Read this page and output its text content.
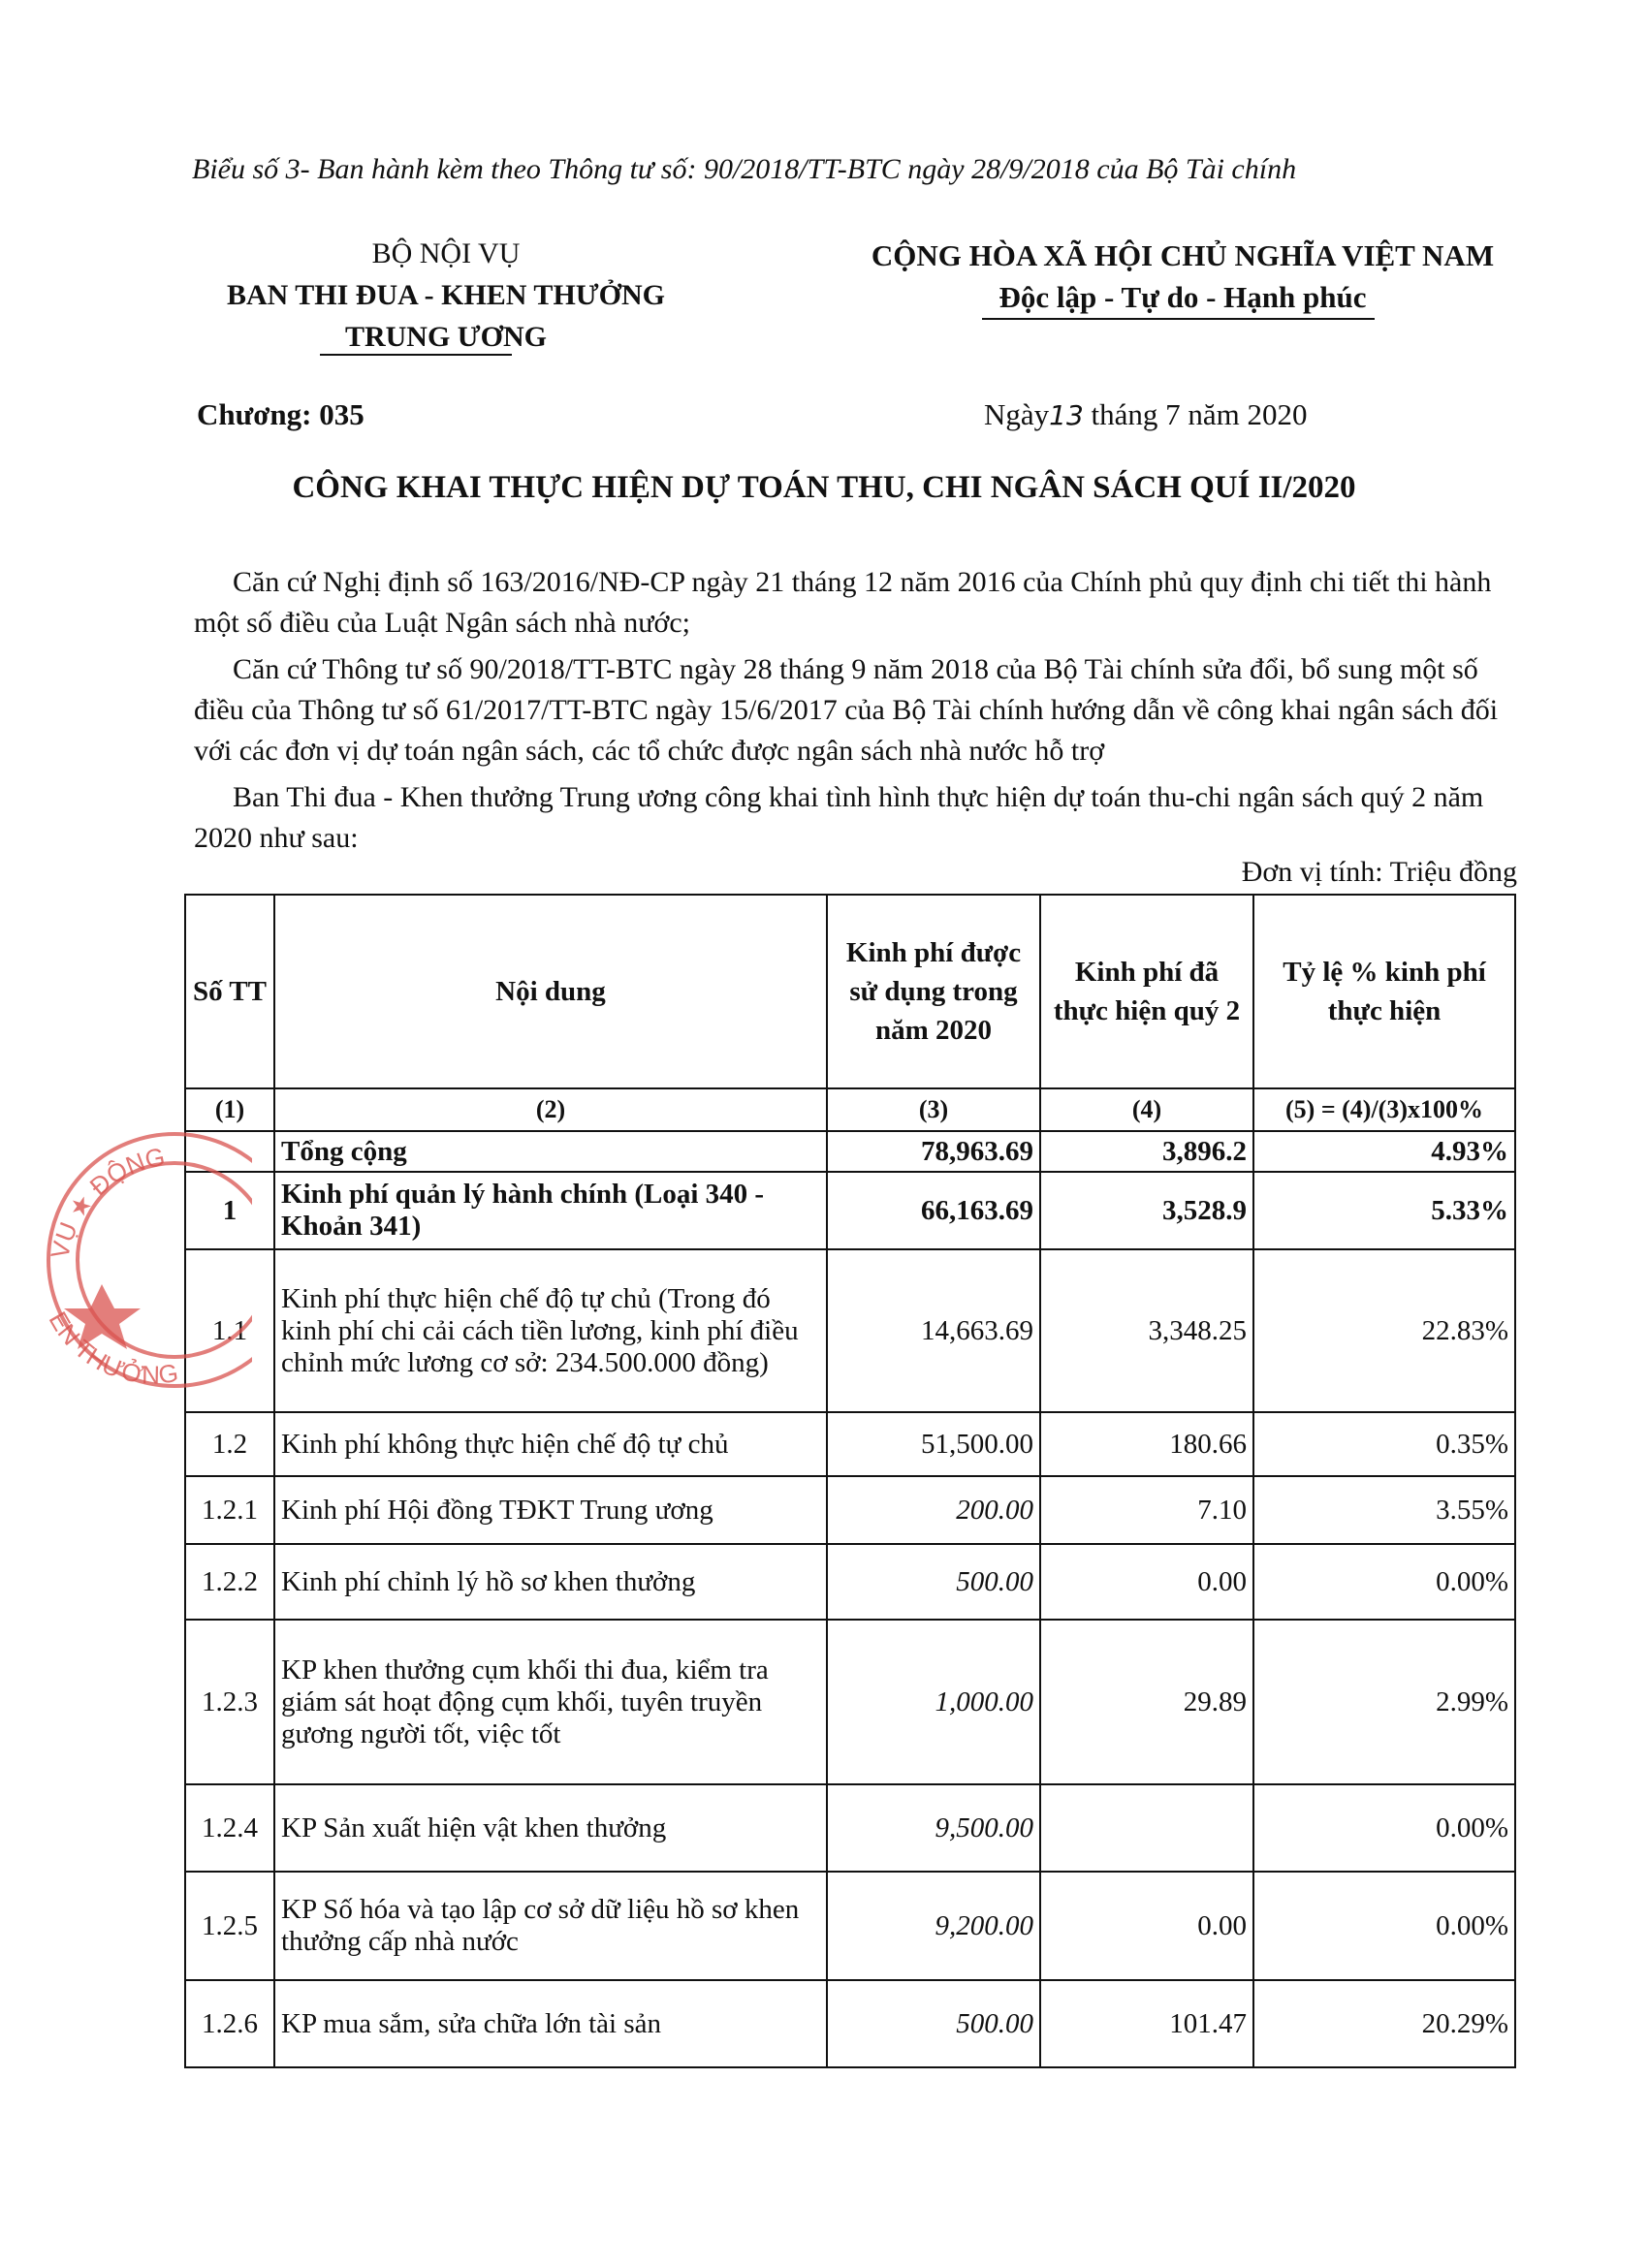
Biểu số 3- Ban hành kèm theo Thông tư số: 90/2018/TT-BTC ngày 28/9/2018 của Bộ Tài chính
BỘ NỘI VỤ
BAN THI ĐUA - KHEN THƯỞNG
TRUNG ƯƠNG
CỘNG HÒA XÃ HỘI CHỦ NGHĨA VIỆT NAM
Độc lập - Tự do - Hạnh phúc
Chương: 035	Ngày13 tháng 7 năm 2020
CÔNG KHAI THỰC HIỆN DỰ TOÁN THU, CHI NGÂN SÁCH QUÍ II/2020

Căn cứ Nghị định số 163/2016/NĐ-CP ngày 21 tháng 12 năm 2016 của Chính phủ quy định chi tiết thi hành một số điều của Luật Ngân sách nhà nước;

Căn cứ Thông tư số 90/2018/TT-BTC ngày 28 tháng 9 năm 2018 của Bộ Tài chính sửa đổi, bổ sung một số điều của Thông tư số 61/2017/TT-BTC ngày 15/6/2017 của Bộ Tài chính hướng dẫn về công khai ngân sách đối với các đơn vị dự toán ngân sách, các tổ chức được ngân sách nhà nước hỗ trợ

Ban Thi đua - Khen thưởng Trung ương công khai tình hình thực hiện dự toán thu-chi ngân sách quý 2 năm 2020 như sau:

Đơn vị tính: Triệu đồng
Số TT	Nội dung	Kinh phí được sử dụng trong năm 2020	Kinh phí đã thực hiện quý 2	Tỷ lệ % kinh phí thực hiện
(1)	(2)	(3)	(4)	(5) = (4)/(3)x100%
	Tổng cộng	78,963.69	3,896.2	4.93%
1	Kinh phí quản lý hành chính (Loại 340 - Khoản 341)	66,163.69	3,528.9	5.33%
1.1	Kinh phí thực hiện chế độ tự chủ (Trong đó kinh phí chi cải cách tiền lương, kinh phí điều chỉnh mức lương cơ sở: 234.500.000 đồng)	14,663.69	3,348.25	22.83%
1.2	Kinh phí không thực hiện chế độ tự chủ	51,500.00	180.66	0.35%
1.2.1	Kinh phí Hội đồng TĐKT Trung ương	200.00	7.10	3.55%
1.2.2	Kinh phí chỉnh lý hồ sơ khen thưởng	500.00	0.00	0.00%
1.2.3	KP khen thưởng cụm khối thi đua, kiểm tra giám sát hoạt động cụm khối, tuyên truyền gương người tốt, việc tốt	1,000.00	29.89	2.99%
1.2.4	KP Sản xuất hiện vật khen thưởng	9,500.00		0.00%
1.2.5	KP Số hóa và tạo lập cơ sở dữ liệu hồ sơ khen thưởng cấp nhà nước	9,200.00	0.00	0.00%
1.2.6	KP mua sắm, sửa chữa lớn tài sản	500.00	101.47	20.29%
VỤ ★ ĐỘNG
EN THƯỞNG
